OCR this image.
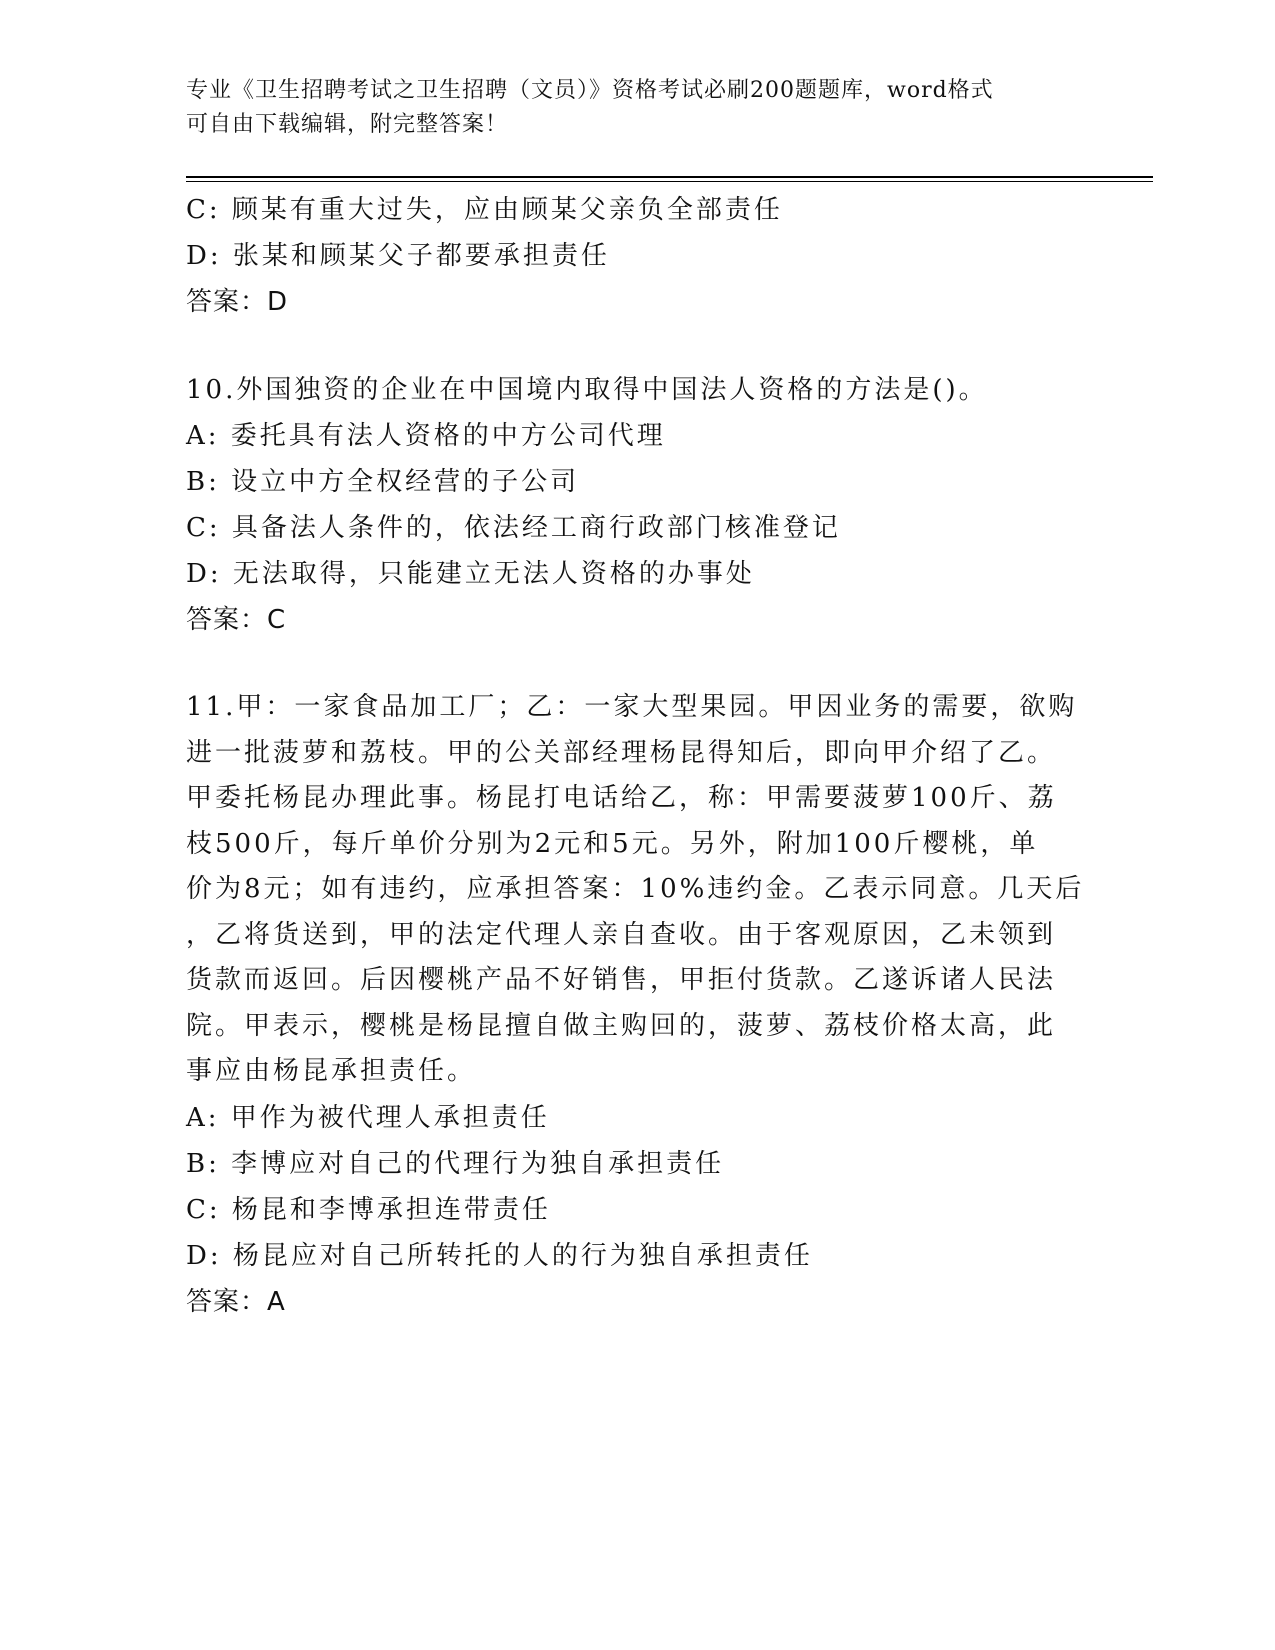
专业《卫生招聘考试之卫生招聘（文员）》资格考试必刷200题题库，word格式
可自由下载编辑，附完整答案！
C: 顾某有重大过失，应由顾某父亲负全部责任
D: 张某和顾某父子都要承担责任
答案：D
10.外国独资的企业在中国境内取得中国法人资格的方法是()。
A: 委托具有法人资格的中方公司代理
B: 设立中方全权经营的子公司
C: 具备法人条件的，依法经工商行政部门核准登记
D: 无法取得，只能建立无法人资格的办事处
答案：C
11.甲：一家食品加工厂；乙：一家大型果园。甲因业务的需要，欲购
进一批菠萝和荔枝。甲的公关部经理杨昆得知后，即向甲介绍了乙。
甲委托杨昆办理此事。杨昆打电话给乙，称：甲需要菠萝100斤、荔
枝500斤，每斤单价分别为2元和5元。另外，附加100斤樱桃，单
价为8元；如有违约，应承担答案：10%违约金。乙表示同意。几天后
，乙将货送到，甲的法定代理人亲自查收。由于客观原因，乙未领到
货款而返回。后因樱桃产品不好销售，甲拒付货款。乙遂诉诸人民法
院。甲表示，樱桃是杨昆擅自做主购回的，菠萝、荔枝价格太高，此
事应由杨昆承担责任。
A: 甲作为被代理人承担责任
B: 李博应对自己的代理行为独自承担责任
C: 杨昆和李博承担连带责任
D: 杨昆应对自己所转托的人的行为独自承担责任
答案：A
